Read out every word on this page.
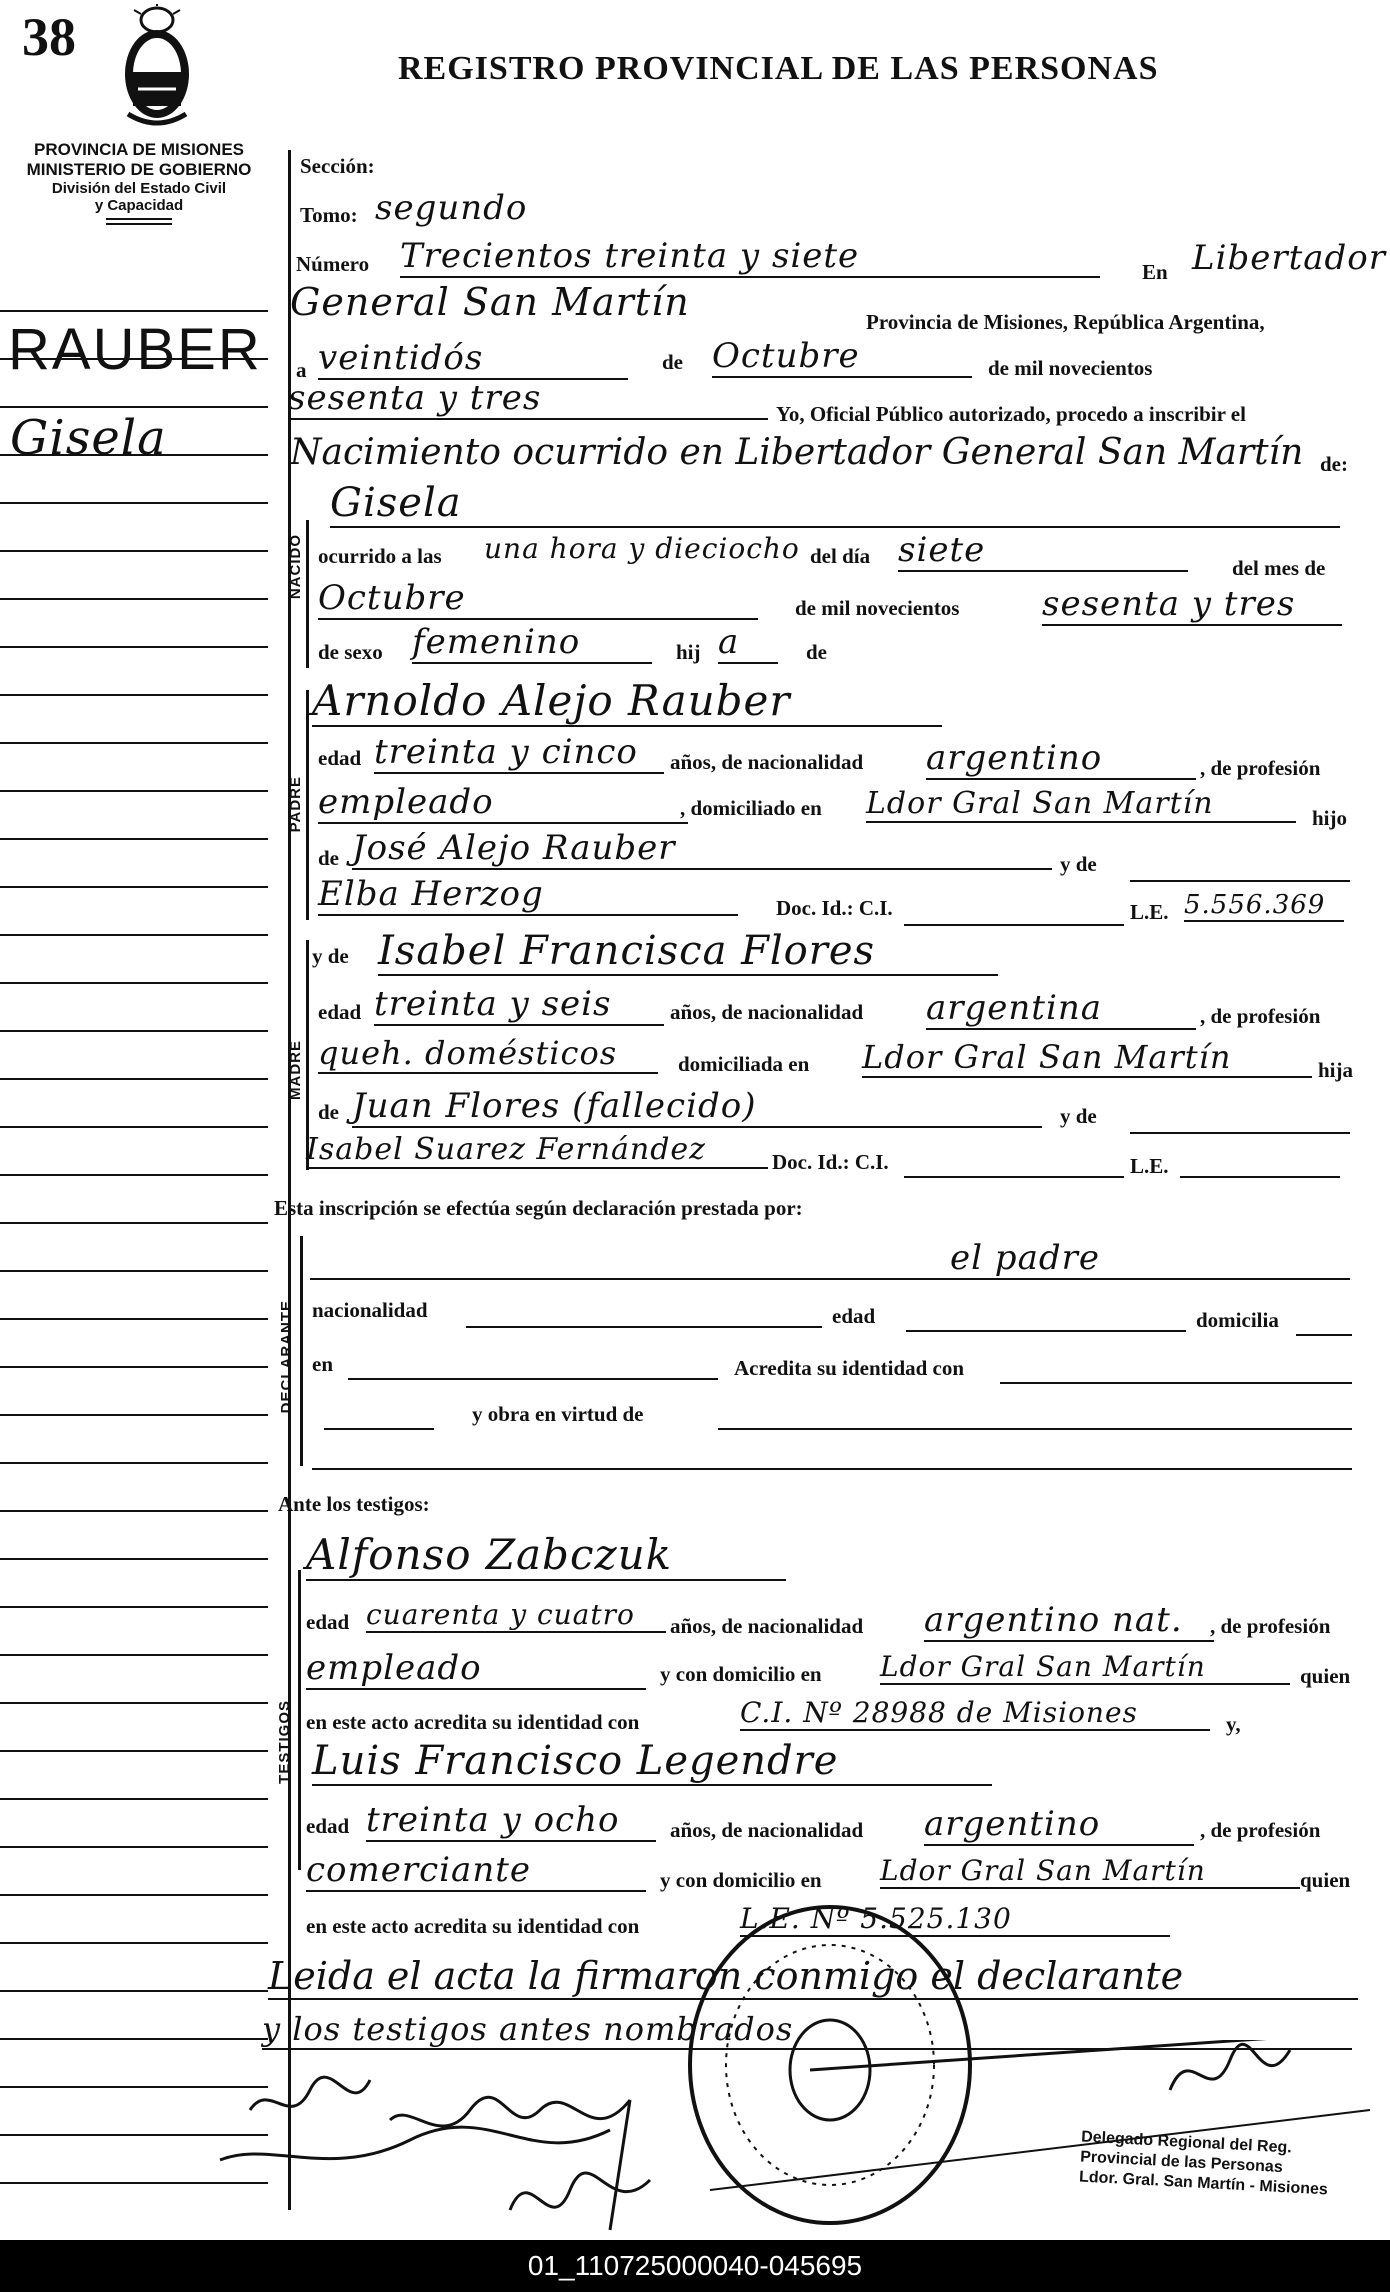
38
REGISTRO PROVINCIAL DE LAS PERSONAS
PROVINCIA DE MISIONES
MINISTERIO DE GOBIERNO
División del Estado Civil
y Capacidad
RAUBER
Gisela
Sección:
Tomo: segundo
Número Trecientos treinta y siete	En Libertador
General San Martín	Provincia de Misiones, República Argentina,
a veintidós	de Octubre	de mil novecientos
sesenta y tres	Yo, Oficial Público autorizado, procedo a inscribir el
Nacimiento ocurrido en Libertador General San Martín de:
NACIDO
Gisela
ocurrido a las una hora y dieciocho del día siete	del mes de
Octubre	de mil novecientos sesenta y tres
de sexo femenino	hij a	de
PADRE
Arnoldo Alejo Rauber
edad treinta y cinco	años, de nacionalidad argentino	, de profesión
empleado	, domiciliado en Ldor Gral San Martín	hijo
de José Alejo Rauber	y de
Elba Herzog	Doc. Id.: C.I.	L.E. 5.556.369
MADRE
y de Isabel Francisca Flores
edad treinta y seis	años, de nacionalidad argentina	, de profesión
queh. domésticos	domiciliada en Ldor Gral San Martín	hija
de Juan Flores (fallecido)	y de
Isabel Suarez Fernández	Doc. Id.: C.I.	L.E.
Esta inscripción se efectúa según declaración prestada por:
DECLARANTE
el padre
nacionalidad	edad	domicilia
en	Acredita su identidad con
y obra en virtud de
Ante los testigos:
TESTIGOS
Alfonso Zabczuk
edad cuarenta y cuatro	años, de nacionalidad argentino nat.	, de profesión
empleado	y con domicilio en Ldor Gral San Martín	quien
en este acto acredita su identidad con	C.I. Nº 28988 de Misiones	y,
Luis Francisco Legendre
edad treinta y ocho	años, de nacionalidad argentino	, de profesión
comerciante	y con domicilio en Ldor Gral San Martín	quien
en este acto acredita su identidad con	L.E. Nº 5.525.130
Leida el acta la firmaron conmigo el declarante
y los testigos antes nombrados
Delegado Regional del Reg.
Provincial de las Personas
Ldor. Gral. San Martín - Misiones
01_110725000040-045695
